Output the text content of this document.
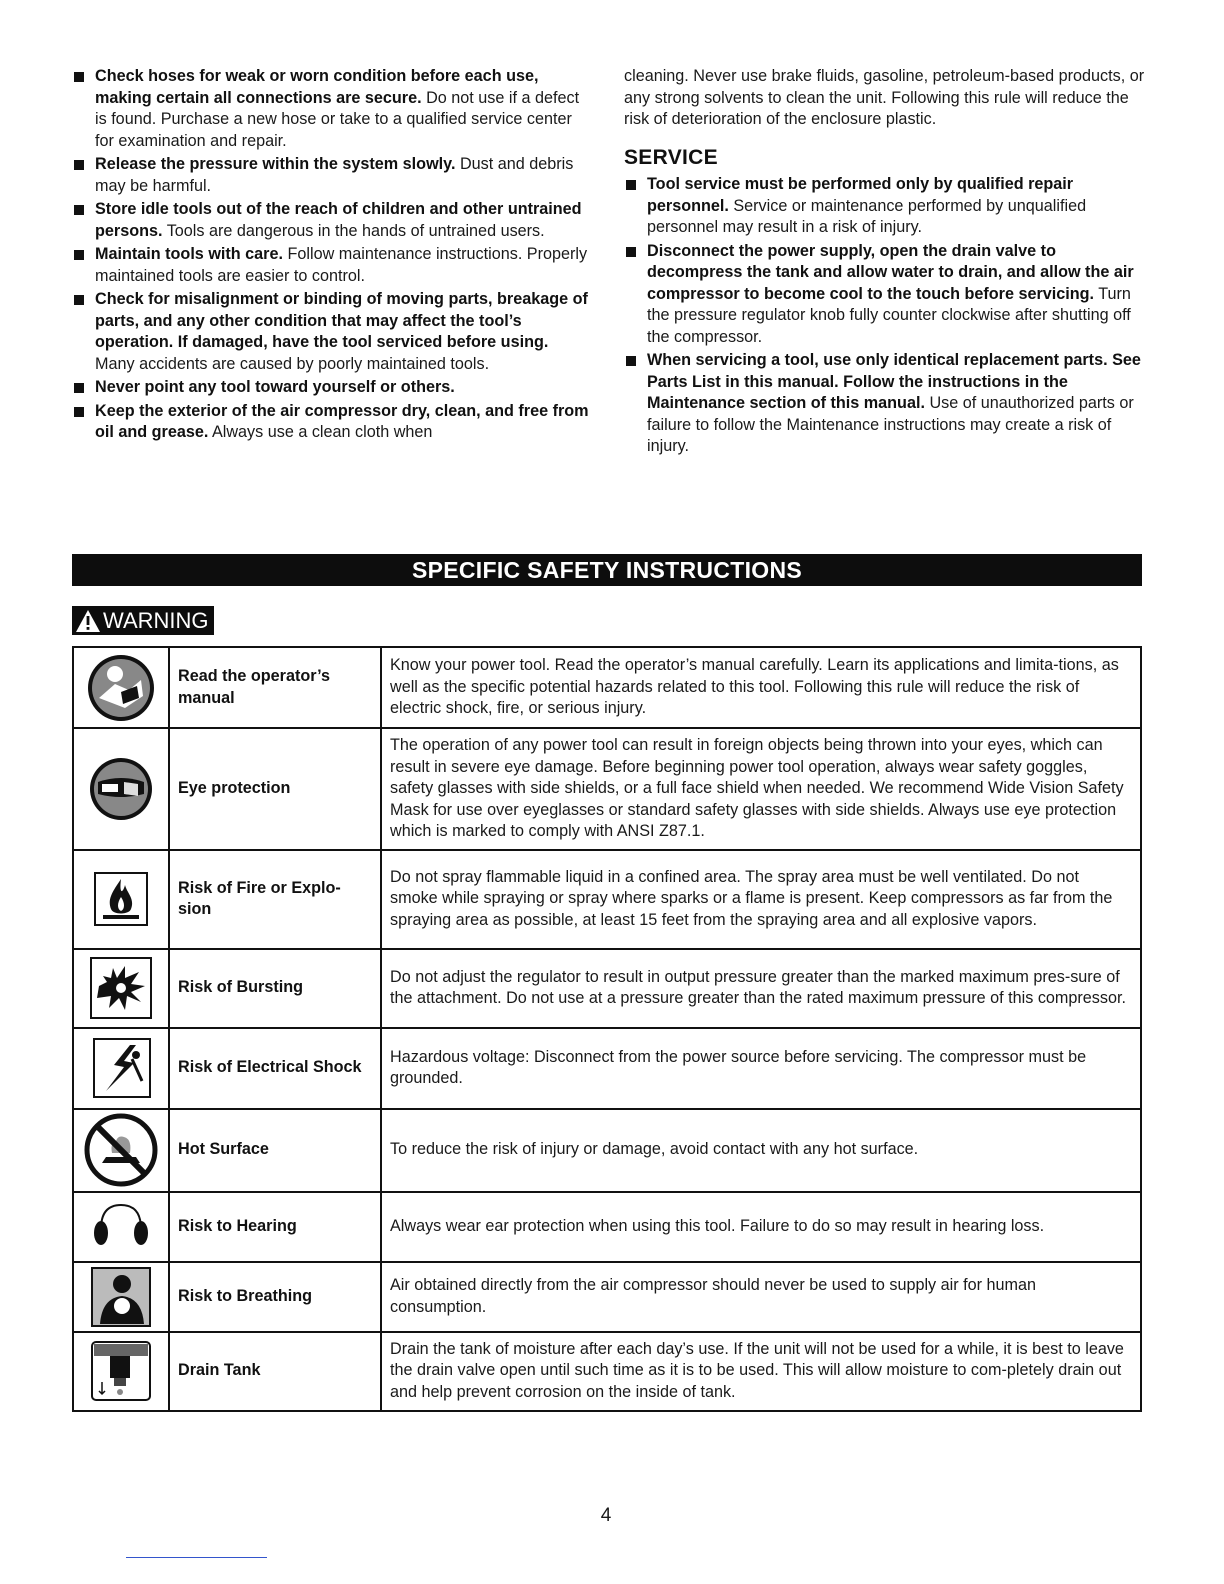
Check hoses for weak or worn condition before each use, making certain all connections are secure. Do not use if a defect is found. Purchase a new hose or take to a qualified service center for examination and repair.

Release the pressure within the system slowly. Dust and debris may be harmful.

Store idle tools out of the reach of children and other untrained persons. Tools are dangerous in the hands of untrained users.

Maintain tools with care. Follow maintenance instructions. Properly maintained tools are easier to control.

Check for misalignment or binding of moving parts, breakage of parts, and any other condition that may affect the tool’s operation. If damaged, have the tool serviced before using. Many accidents are caused by poorly maintained tools.

Never point any tool toward yourself or others.

Keep the exterior of the air compressor dry, clean, and free from oil and grease. Always use a clean cloth when

cleaning. Never use brake fluids, gasoline, petroleum-based products, or any strong solvents to clean the unit. Following this rule will reduce the risk of deterioration of the enclosure plastic.

SERVICE

Tool service must be performed only by qualified repair personnel. Service or maintenance performed by unqualified personnel may result in a risk of injury.

Disconnect the power supply, open the drain valve to decompress the tank and allow water to drain, and allow the air compressor to become cool to the touch before servicing. Turn the pressure regulator knob fully counter clockwise after shutting off the compressor.

When servicing a tool, use only identical replacement parts. See Parts List in this manual. Follow the instructions in the Maintenance section of this manual. Use of unauthorized parts or failure to follow the Maintenance instructions may create a risk of injury.

SPECIFIC SAFETY INSTRUCTIONS
WARNING
	Read the operator’s manual	Know your power tool. Read the operator’s manual carefully. Learn its applications and limita-tions, as well as the specific potential hazards related to this tool. Following this rule will reduce the risk of electric shock, fire, or serious injury.

	Eye protection	The operation of any power tool can result in foreign objects being thrown into your eyes, which can result in severe eye damage. Before beginning power tool operation, always wear safety goggles, safety glasses with side shields, or a full face shield when needed. We recommend Wide Vision Safety Mask for use over eyeglasses or standard safety glasses with side shields. Always use eye protection which is marked to comply with ANSI Z87.1.

	Risk of Fire or Explo-sion	Do not spray flammable liquid in a confined area. The spray area must be well ventilated. Do not smoke while spraying or spray where sparks or a flame is present. Keep compressors as far from the spraying area as possible, at least 15 feet from the spraying area and all explosive vapors.

	Risk of Bursting	Do not adjust the regulator to result in output pressure greater than the marked maximum pres-sure of the attachment. Do not use at a pressure greater than the rated maximum pressure of this compressor.

	Risk of Electrical Shock	Hazardous voltage: Disconnect from the power source before servicing. The compressor must be grounded.

	Hot Surface	To reduce the risk of injury or damage, avoid contact with any hot surface.

	Risk to Hearing	Always wear ear protection when using this tool. Failure to do so may result in hearing loss.

	Risk to Breathing	Air obtained directly from the air compressor should never be used to supply air for human consumption.

	Drain Tank	Drain the tank of moisture after each day’s use. If the unit will not be used for a while, it is best to leave the drain valve open until such time as it is to be used. This will allow moisture to com-pletely drain out and help prevent corrosion on the inside of tank.
4
